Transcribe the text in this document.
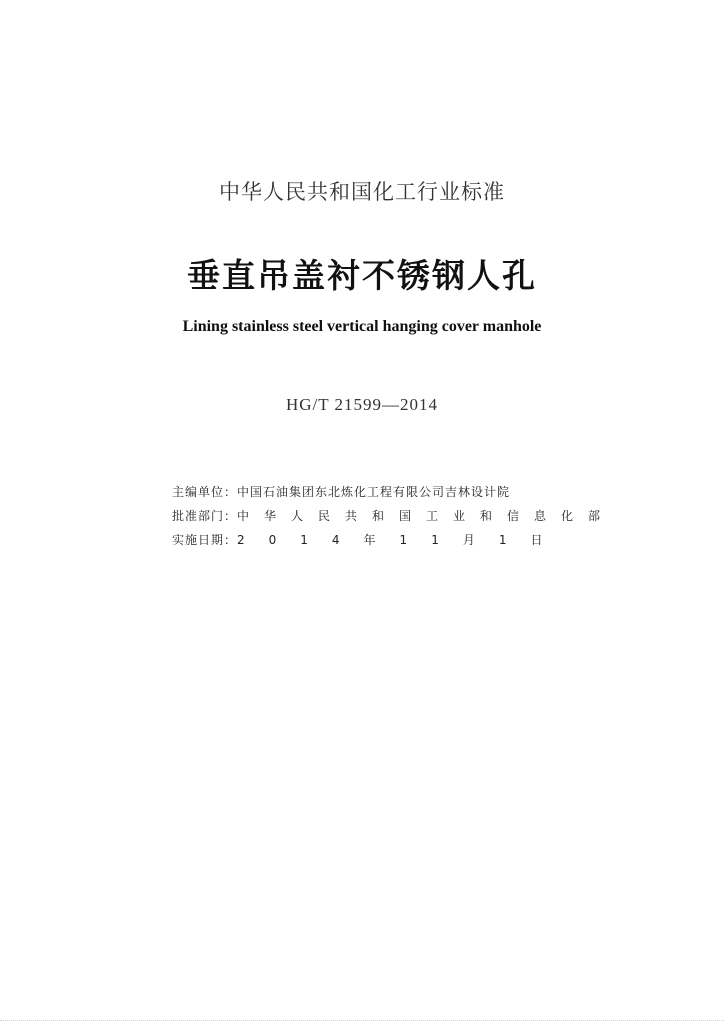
中华人民共和国化工行业标准
垂直吊盖衬不锈钢人孔
Lining stainless steel vertical hanging cover manhole
HG/T 21599—2014
主编单位：中国石油集团东北炼化工程有限公司吉林设计院
批准部门：中华人民共和国工业和信息化部
实施日期：2014年11月1日
